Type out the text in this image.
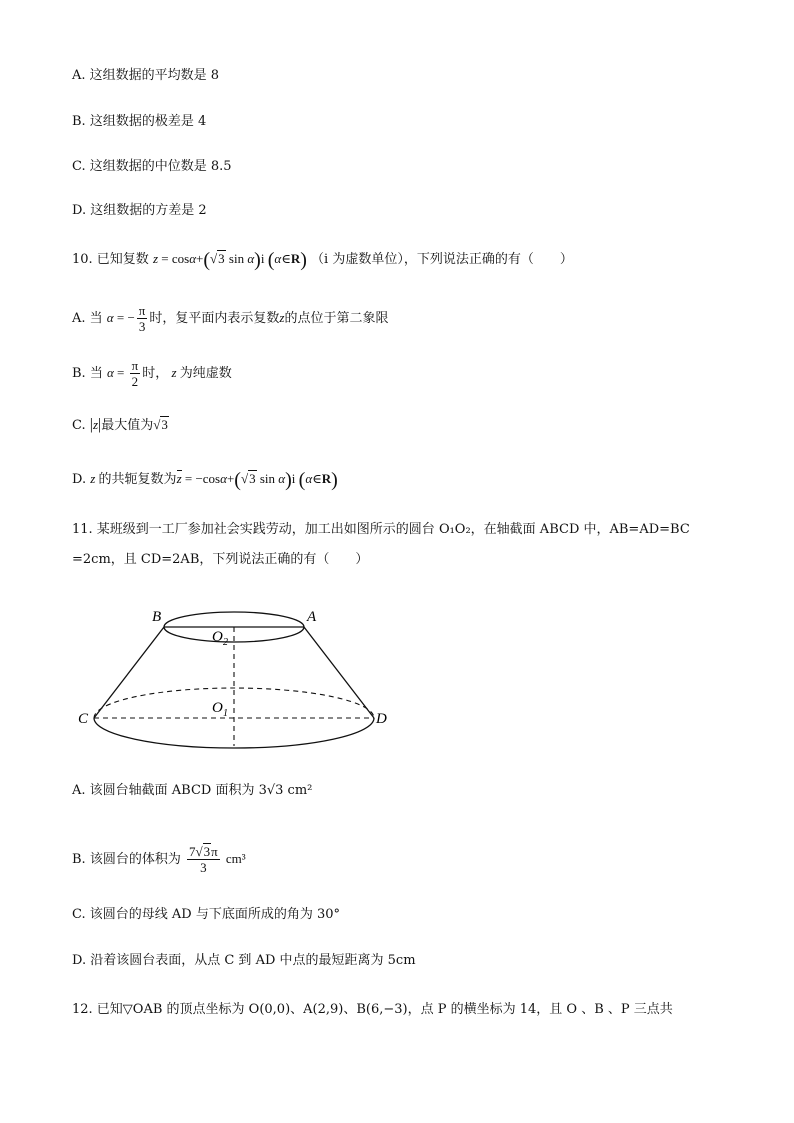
A. 这组数据的平均数是 8
B. 这组数据的极差是 4
C. 这组数据的中位数是 8.5
D. 这组数据的方差是 2
10. 已知复数 z = cosα+(√3 sin α)i (α∈R) （i 为虚数单位），下列说法正确的有（　　）
A. 当 α = − $\frac{\pi}{3}$ 时，复平面内表示复数z的点位于第二象限
B. 当 $\alpha = \frac{\pi}{2}$ 时， z 为纯虚数
C. |z|最大值为√3
D. z 的共轭复数为z = −cosα+(√3 sin α)i (α∈R)
11. 某班级到一工厂参加社会实践劳动，加工出如图所示的圆台 O₁O₂，在轴截面 ABCD 中，AB=AD=BC
=2cm，且 CD=2AB，下列说法正确的有（　　）
B	A
O 2
O 1
C	D
A. 该圆台轴截面 ABCD 面积为 3√3 cm²
B. 该圆台的体积为 $\frac{7√3\pi}{3} cm^3$
C. 该圆台的母线 AD 与下底面所成的角为 30°
D. 沿着该圆台表面，从点 C 到 AD 中点的最短距离为 5cm
12. 已知▽OAB 的顶点坐标为 O(0,0)、A(2,9)、B(6,−3)，点 P 的横坐标为 14，且 O 、B 、P 三点共
